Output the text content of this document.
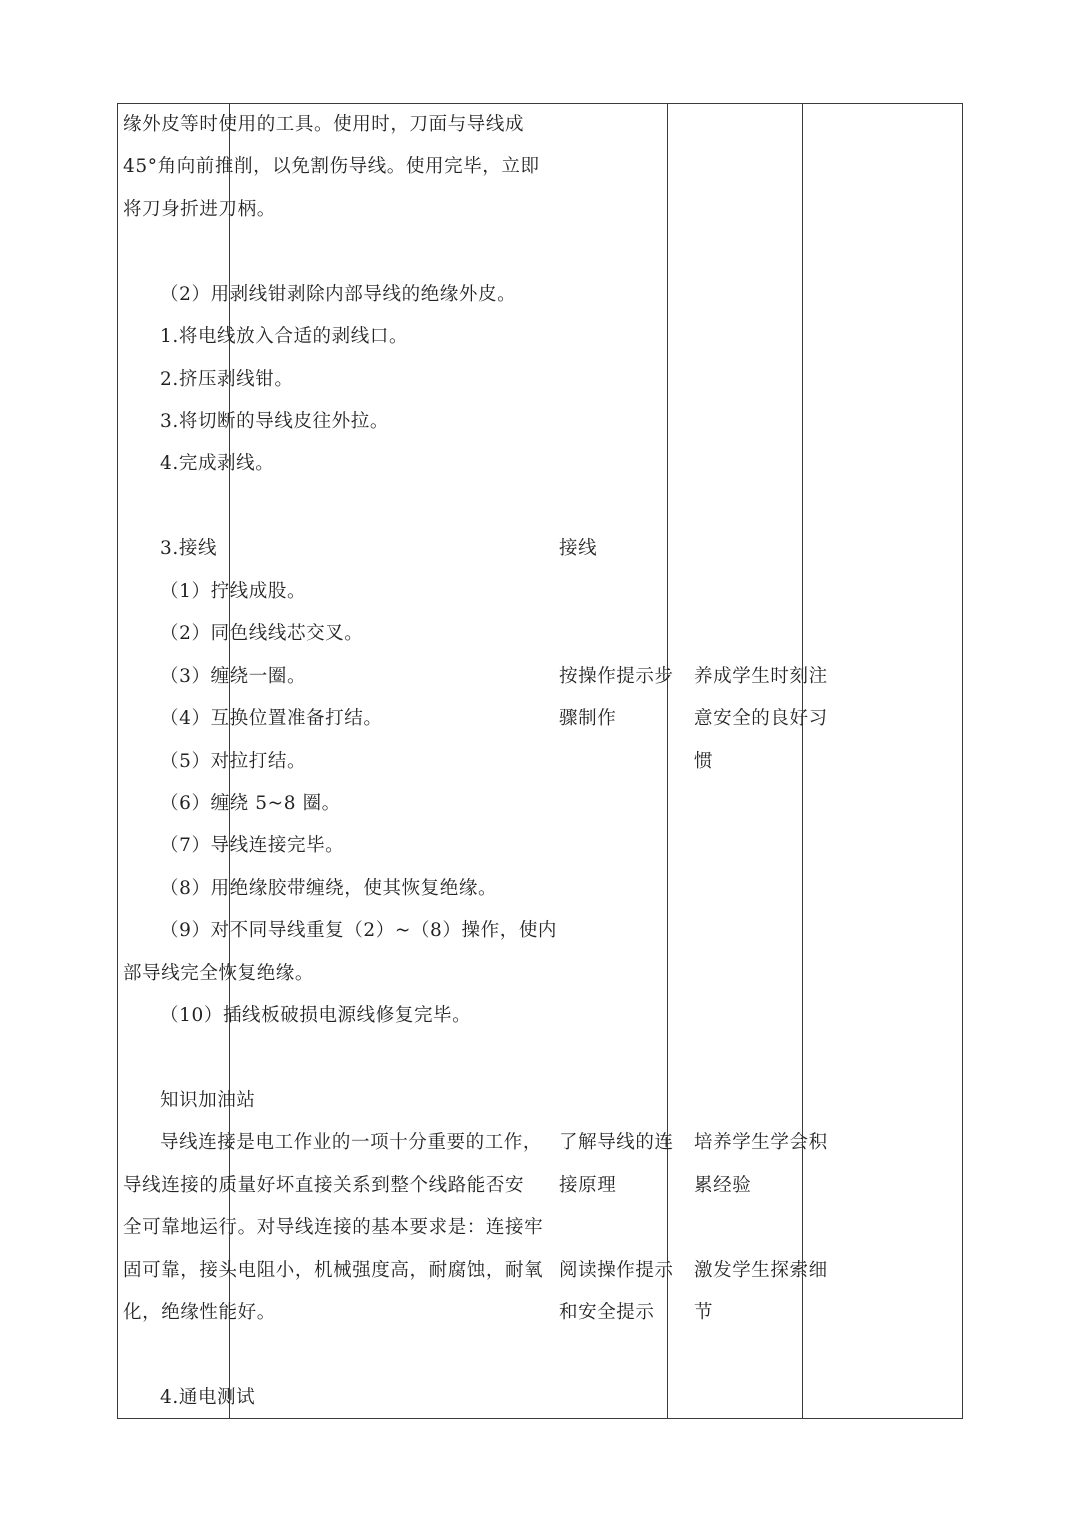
缘外皮等时使用的工具。使用时，刀面与导线成
45°角向前推削，以免割伤导线。使用完毕，立即
将刀身折进刀柄。
（2）用剥线钳剥除内部导线的绝缘外皮。
1.将电线放入合适的剥线口。
2.挤压剥线钳。
3.将切断的导线皮往外拉。
4.完成剥线。
3.接线
（1）拧线成股。
（2）同色线线芯交叉。
（3）缠绕一圈。
（4）互换位置准备打结。
（5）对拉打结。
（6）缠绕 5~8 圈。
（7）导线连接完毕。
（8）用绝缘胶带缠绕，使其恢复绝缘。
（9）对不同导线重复（2）~（8）操作，使内
部导线完全恢复绝缘。
（10）插线板破损电源线修复完毕。
知识加油站
导线连接是电工作业的一项十分重要的工作，
导线连接的质量好坏直接关系到整个线路能否安
全可靠地运行。对导线连接的基本要求是：连接牢
固可靠，接头电阻小，机械强度高，耐腐蚀，耐氧
化，绝缘性能好。
4.通电测试
接线
按操作提示步
骤制作
了解导线的连
接原理
阅读操作提示
和安全提示
养成学生时刻注
意安全的良好习
惯
培养学生学会积
累经验
激发学生探索细
节
